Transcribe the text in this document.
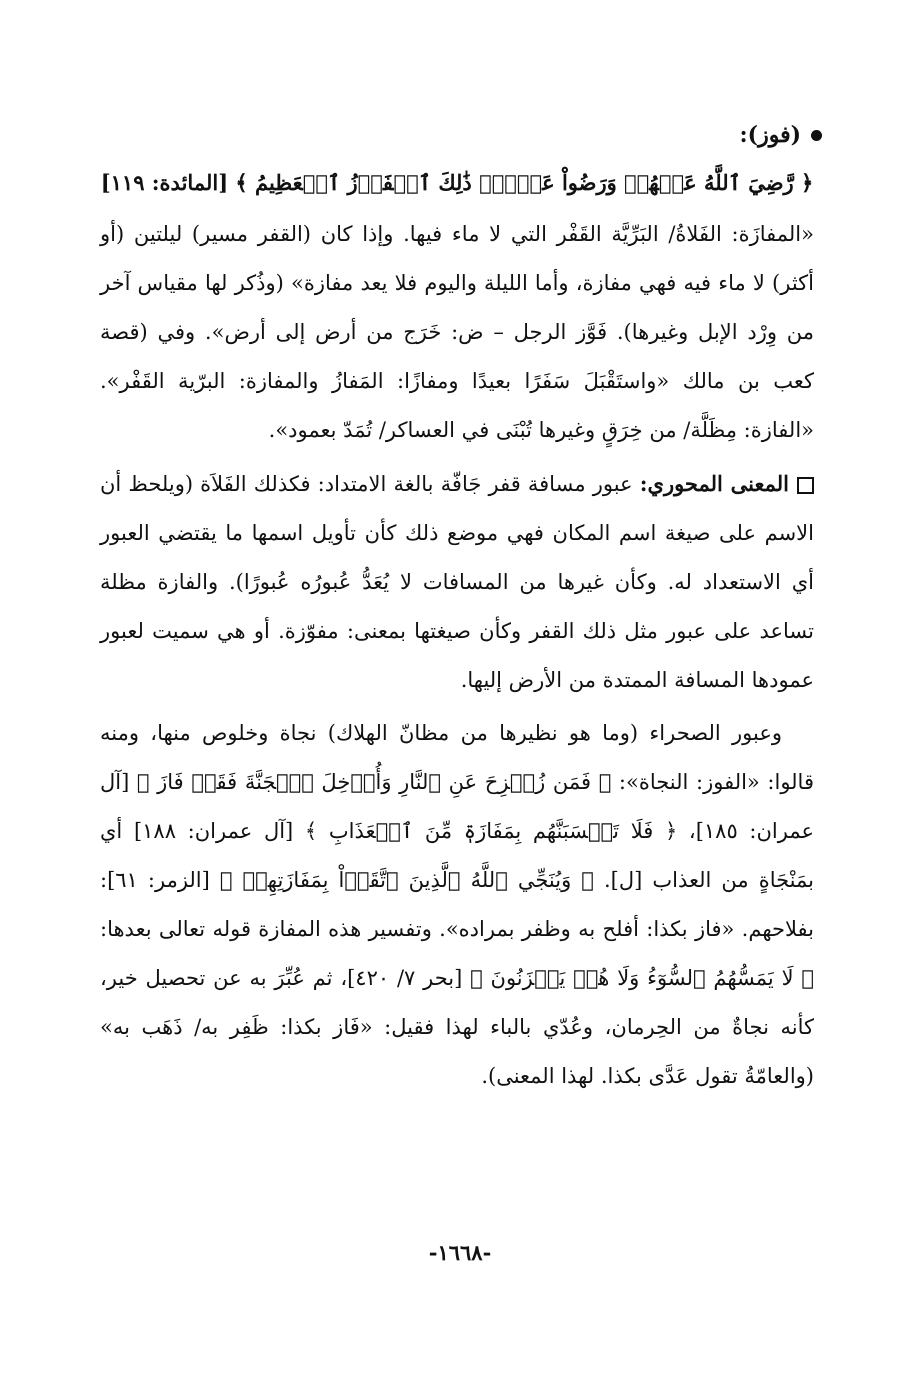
(فوز):
﴿ رَّضِيَ ٱللَّهُ عَنۡهُمۡ وَرَضُواْ عَنۡهُۚ ذَٰلِكَ ٱلۡفَوۡزُ ٱلۡعَظِيمُ ﴾ [المائدة: ١١٩]

«المفازَة: الفَلاةُ/ البَرِّيَّة القَفْر التي لا ماء فيها. وإذا كان (القفر مسير) ليلتين (أو أكثر) لا ماء فيه فهي مفازة، وأما الليلة واليوم فلا يعد مفازة» (وذُكر لها مقياس آخر من وِرْد الإبل وغيرها). فَوَّز الرجل – ض: خَرَج من أرض إلى أرض». وفي (قصة كعب بن مالك «واستَقْبَلَ سَفَرًا بعيدًا ومفازًا: المَفازُ والمفازة: البرّية القَفْر». «الفازة: مِظَلَّة/ من خِرَقٍ وغيرها تُبْنَى في العساكر/ تُمَدّ بعمود».

المعنى المحوري: عبور مسافة قفر جَافّة بالغة الامتداد: فكذلك الفَلاَة (ويلحظ أن الاسم على صيغة اسم المكان فهي موضع ذلك كأن تأويل اسمها ما يقتضي العبور أي الاستعداد له. وكأن غيرها من المسافات لا يُعَدُّ عُبورُه عُبورًا). والفازة مظلة تساعد على عبور مثل ذلك القفر وكأن صيغتها بمعنى: مفوّزة. أو هي سميت لعبور عمودها المسافة الممتدة من الأرض إليها.

وعبور الصحراء (وما هو نظيرها من مظانّ الهلاك) نجاة وخلوص منها، ومنه قالوا: «الفوز: النجاة»: ﴿ فَمَن زُحۡزِحَ عَنِ ٱلنَّارِ وَأُدۡخِلَ ٱلۡجَنَّةَ فَقَدۡ فَازَ ﴾ [آل عمران: ١٨٥]، ﴿ فَلَا تَحۡسَبَنَّهُم بِمَفَازَةٖ مِّنَ ٱلۡعَذَابِ ﴾ [آل عمران: ١٨٨] أي بمَنْجَاةٍ من العذاب [ل]. ﴿ وَيُنَجِّي ٱللَّهُ ٱلَّذِينَ ٱتَّقَوۡاْ بِمَفَازَتِهِمۡ ﴾ [الزمر: ٦١]: بفلاحهم. «فاز بكذا: أفلح به وظفر بمراده». وتفسير هذه المفازة قوله تعالى بعدها: ﴿ لَا يَمَسُّهُمُ ٱلسُّوٓءُ وَلَا هُمۡ يَحۡزَنُونَ ﴾ [بحر ٧/ ٤٢٠]، ثم عُبِّرَ به عن تحصيل خير، كأنه نجاةٌ من الحِرمان، وعُدّي بالباء لهذا فقيل: «فَاز بكذا: ظَفِر به/ ذَهَب به» (والعامّةُ تقول عَدَّى بكذا. لهذا المعنى).

-١٦٦٨-
